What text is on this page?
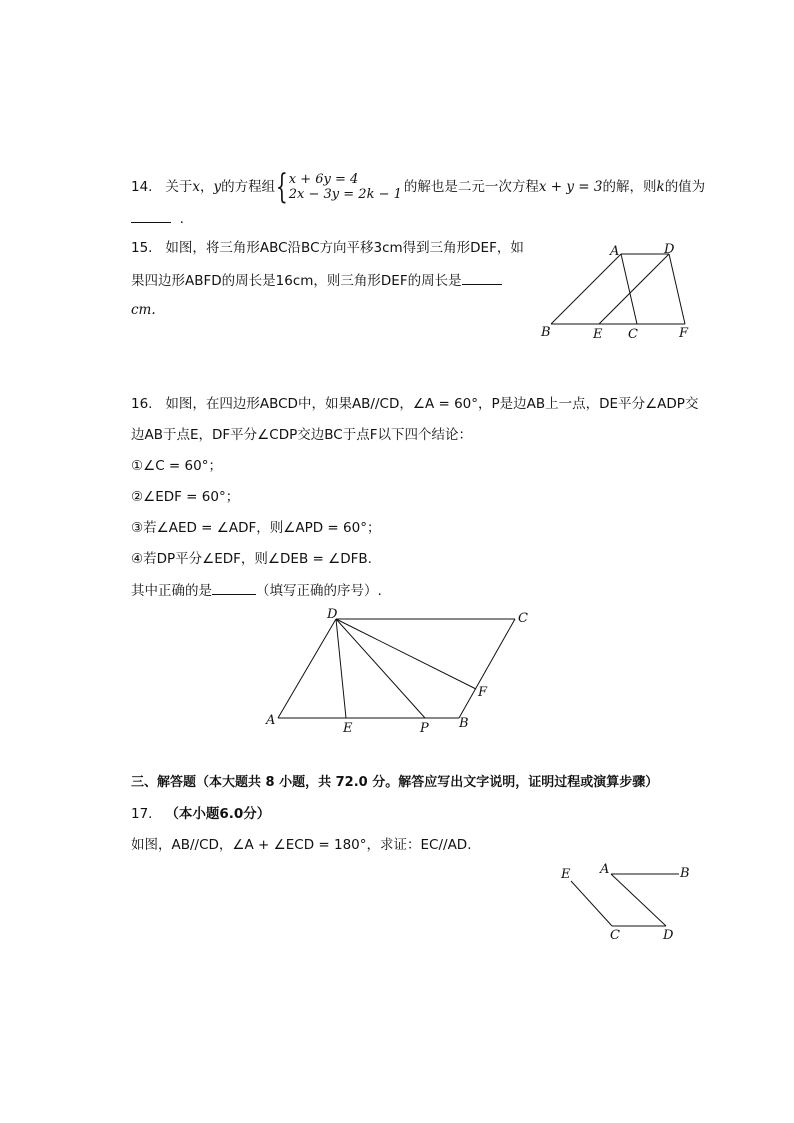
14. 关于x，y的方程组{ x + 6y = 4
2x − 3y = 2k − 1 的解也是二元一次方程x + y = 3的解，则k的值为
.
15. 如图，将三角形ABC沿BC方向平移3cm得到三角形DEF，如
果四边形ABFD的周长是16cm，则三角形DEF的周长是
cm.
A	D
B	E C	F
16. 如图，在四边形ABCD中，如果AB//CD，∠A = 60°，P是边AB上一点，DE平分∠ADP交
边AB于点E，DF平分∠CDP交边BC于点F以下四个结论：
①∠C = 60°；
②∠EDF = 60°；
③若∠AED = ∠ADF，则∠APD = 60°；
④若DP平分∠EDF，则∠DEB = ∠DFB.
其中正确的是	（填写正确的序号）.
D	C
F
A
E	P B
三、解答题（本大题共 8 小题，共 72.0 分。解答应写出文字说明，证明过程或演算步骤）
17. （本小题6.0分）
如图，AB//CD，∠A + ∠ECD = 180°，求证：EC//AD.
E A	B
C	D
